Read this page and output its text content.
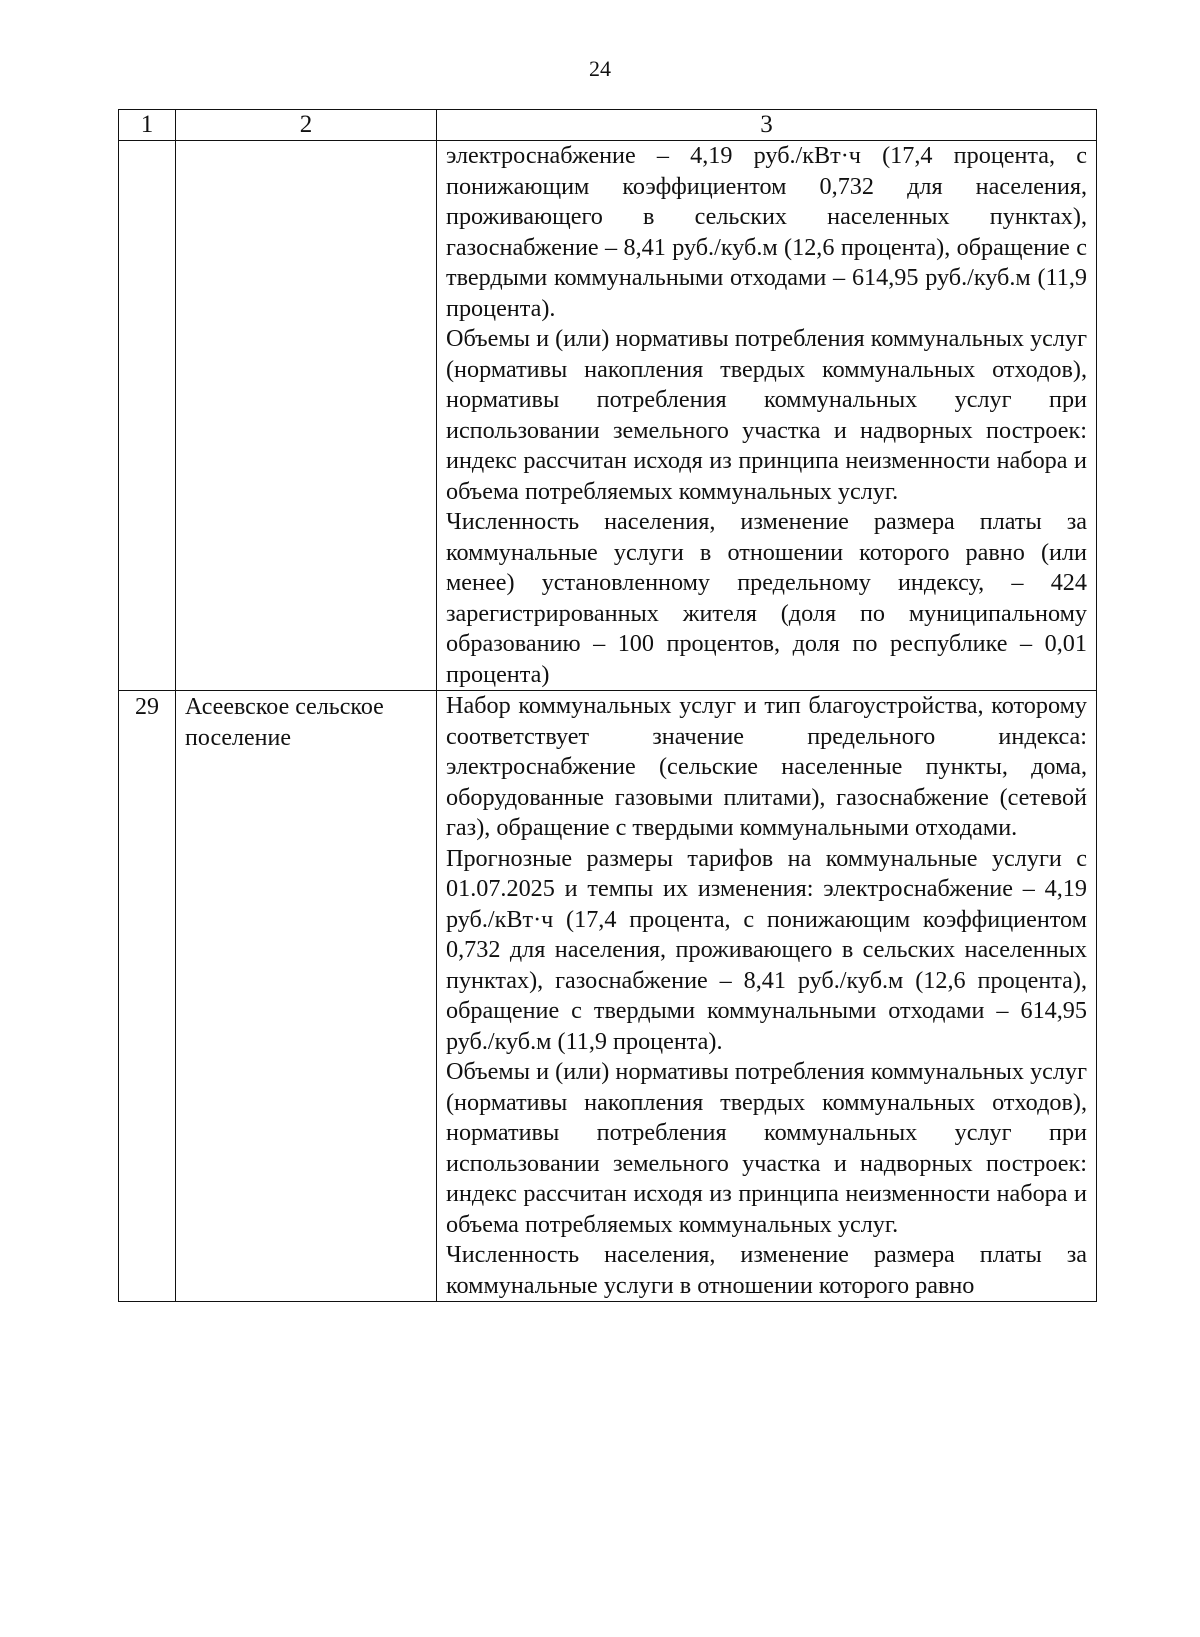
24
1	2	3

		электроснабжение – 4,19 руб./кВт·ч (17,4 процента, с понижающим коэффициентом 0,732 для населения, проживающего в сельских населенных пунктах), газоснабжение – 8,41 руб./куб.м (12,6 процента), обращение с твердыми коммунальными отходами – 614,95 руб./куб.м (11,9 процента).

Объемы и (или) нормативы потребления коммунальных услуг (нормативы накопления твердых коммунальных отходов), нормативы потребления коммунальных услуг при использовании земельного участка и надворных построек: индекс рассчитан исходя из принципа неизменности набора и объема потребляемых коммунальных услуг.

Численность населения, изменение размера платы за коммунальные услуги в отношении которого равно (или менее) установленному предельному индексу, – 424 зарегистрированных жителя (доля по муниципальному образованию – 100 процентов, доля по республике – 0,01 процента)

29	Асеевское сельское поселение	Набор коммунальных услуг и тип благоустройства, которому соответствует значение предельного индекса: электроснабжение (сельские населенные пункты, дома, оборудованные газовыми плитами), газоснабжение (сетевой газ), обращение с твердыми коммунальными отходами.

Прогнозные размеры тарифов на коммунальные услуги с 01.07.2025 и темпы их изменения: электроснабжение – 4,19 руб./кВт·ч (17,4 процента, с понижающим коэффициентом 0,732 для населения, проживающего в сельских населенных пунктах), газоснабжение – 8,41 руб./куб.м (12,6 процента), обращение с твердыми коммунальными отходами – 614,95 руб./куб.м (11,9 процента).

Объемы и (или) нормативы потребления коммунальных услуг (нормативы накопления твердых коммунальных отходов), нормативы потребления коммунальных услуг при использовании земельного участка и надворных построек: индекс рассчитан исходя из принципа неизменности набора и объема потребляемых коммунальных услуг.

Численность населения, изменение размера платы за коммунальные услуги в отношении которого равно
